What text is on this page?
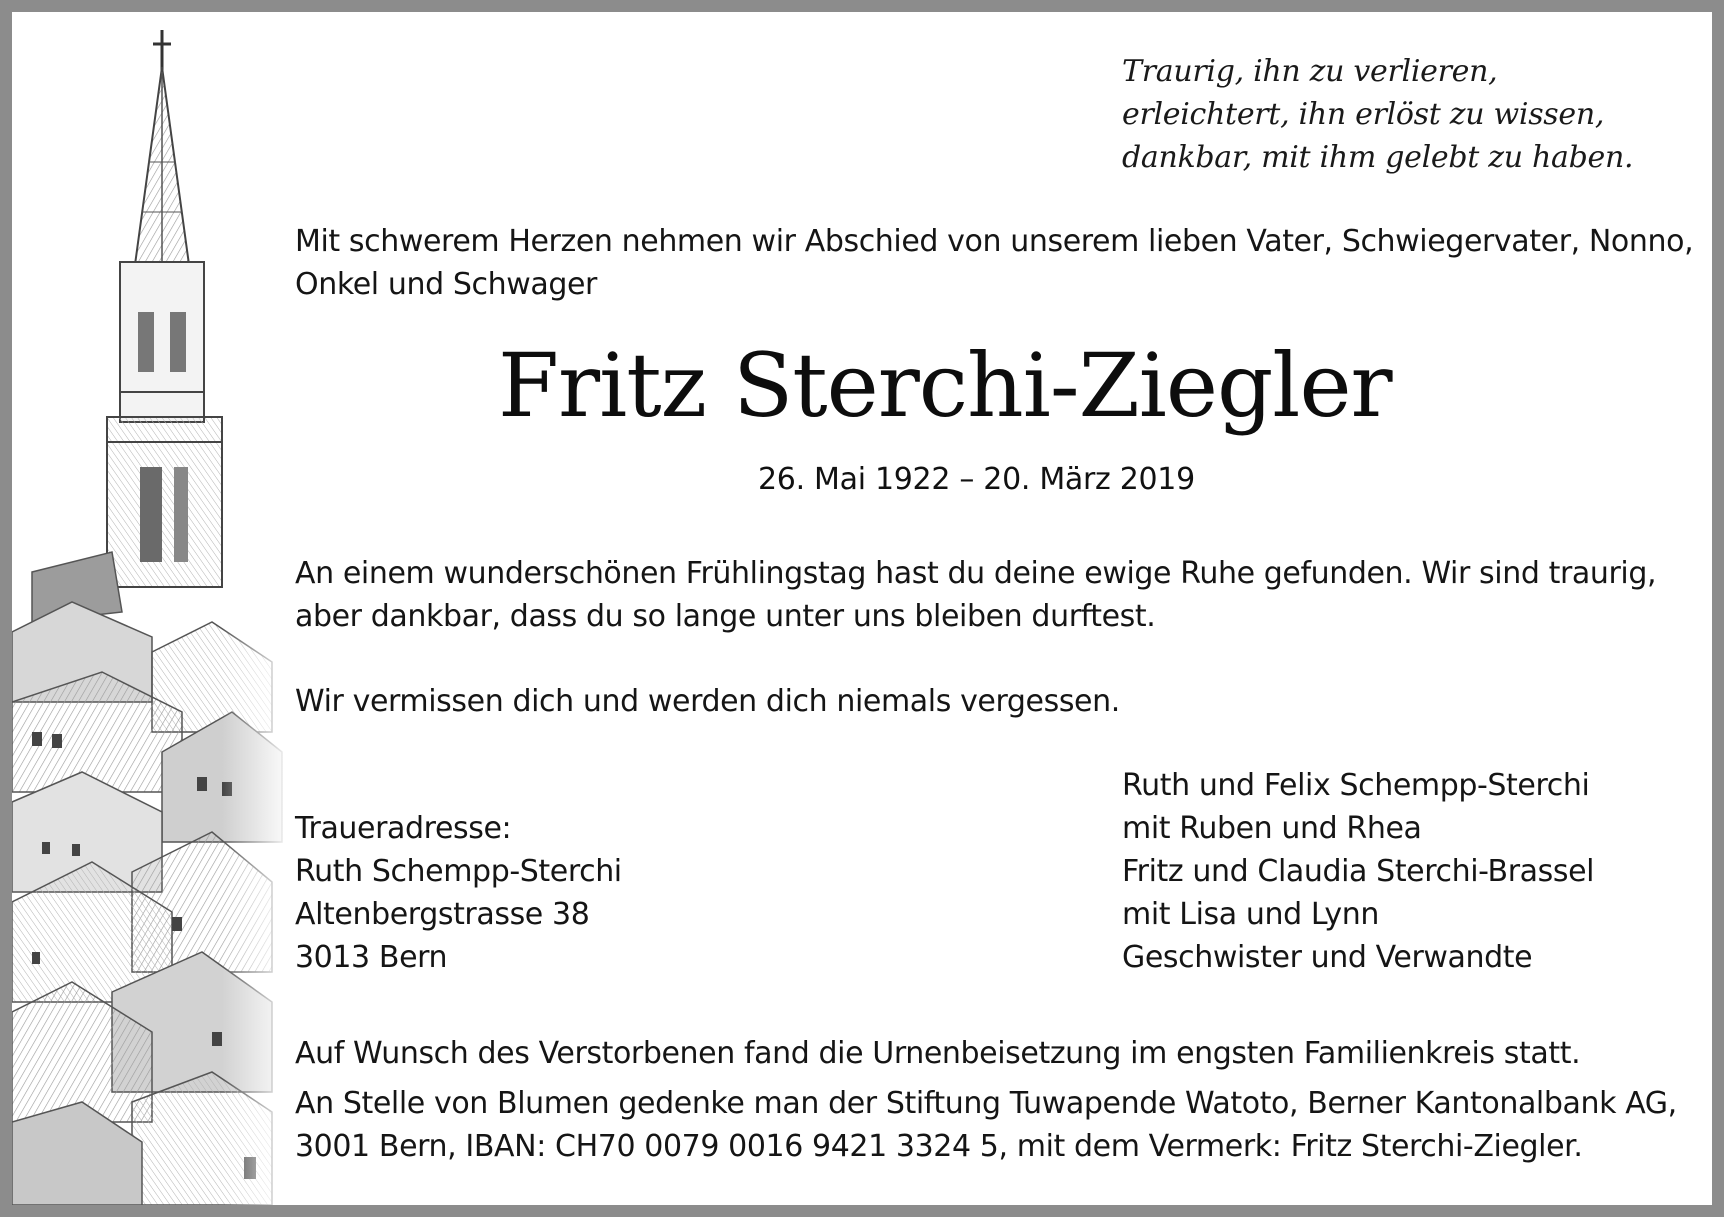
Traurig, ihn zu verlieren,
erleichtert, ihn erlöst zu wissen,
dankbar, mit ihm gelebt zu haben.
Mit schwerem Herzen nehmen wir Abschied von unserem lieben Vater, Schwiegervater, Nonno,
Onkel und Schwager
Fritz Sterchi-Ziegler
26. Mai 1922 – 20. März 2019
An einem wunderschönen Frühlingstag hast du deine ewige Ruhe gefunden. Wir sind traurig,
aber dankbar, dass du so lange unter uns bleiben durftest.
Wir vermissen dich und werden dich niemals vergessen.
Traueradresse:
Ruth Schempp-Sterchi
Altenbergstrasse 38
3013 Bern
Ruth und Felix Schempp-Sterchi
mit Ruben und Rhea
Fritz und Claudia Sterchi-Brassel
mit Lisa und Lynn
Geschwister und Verwandte
Auf Wunsch des Verstorbenen fand die Urnenbeisetzung im engsten Familienkreis statt.
An Stelle von Blumen gedenke man der Stiftung Tuwapende Watoto, Berner Kantonalbank AG,
3001 Bern, IBAN: CH70 0079 0016 9421 3324 5, mit dem Vermerk: Fritz Sterchi-Ziegler.
